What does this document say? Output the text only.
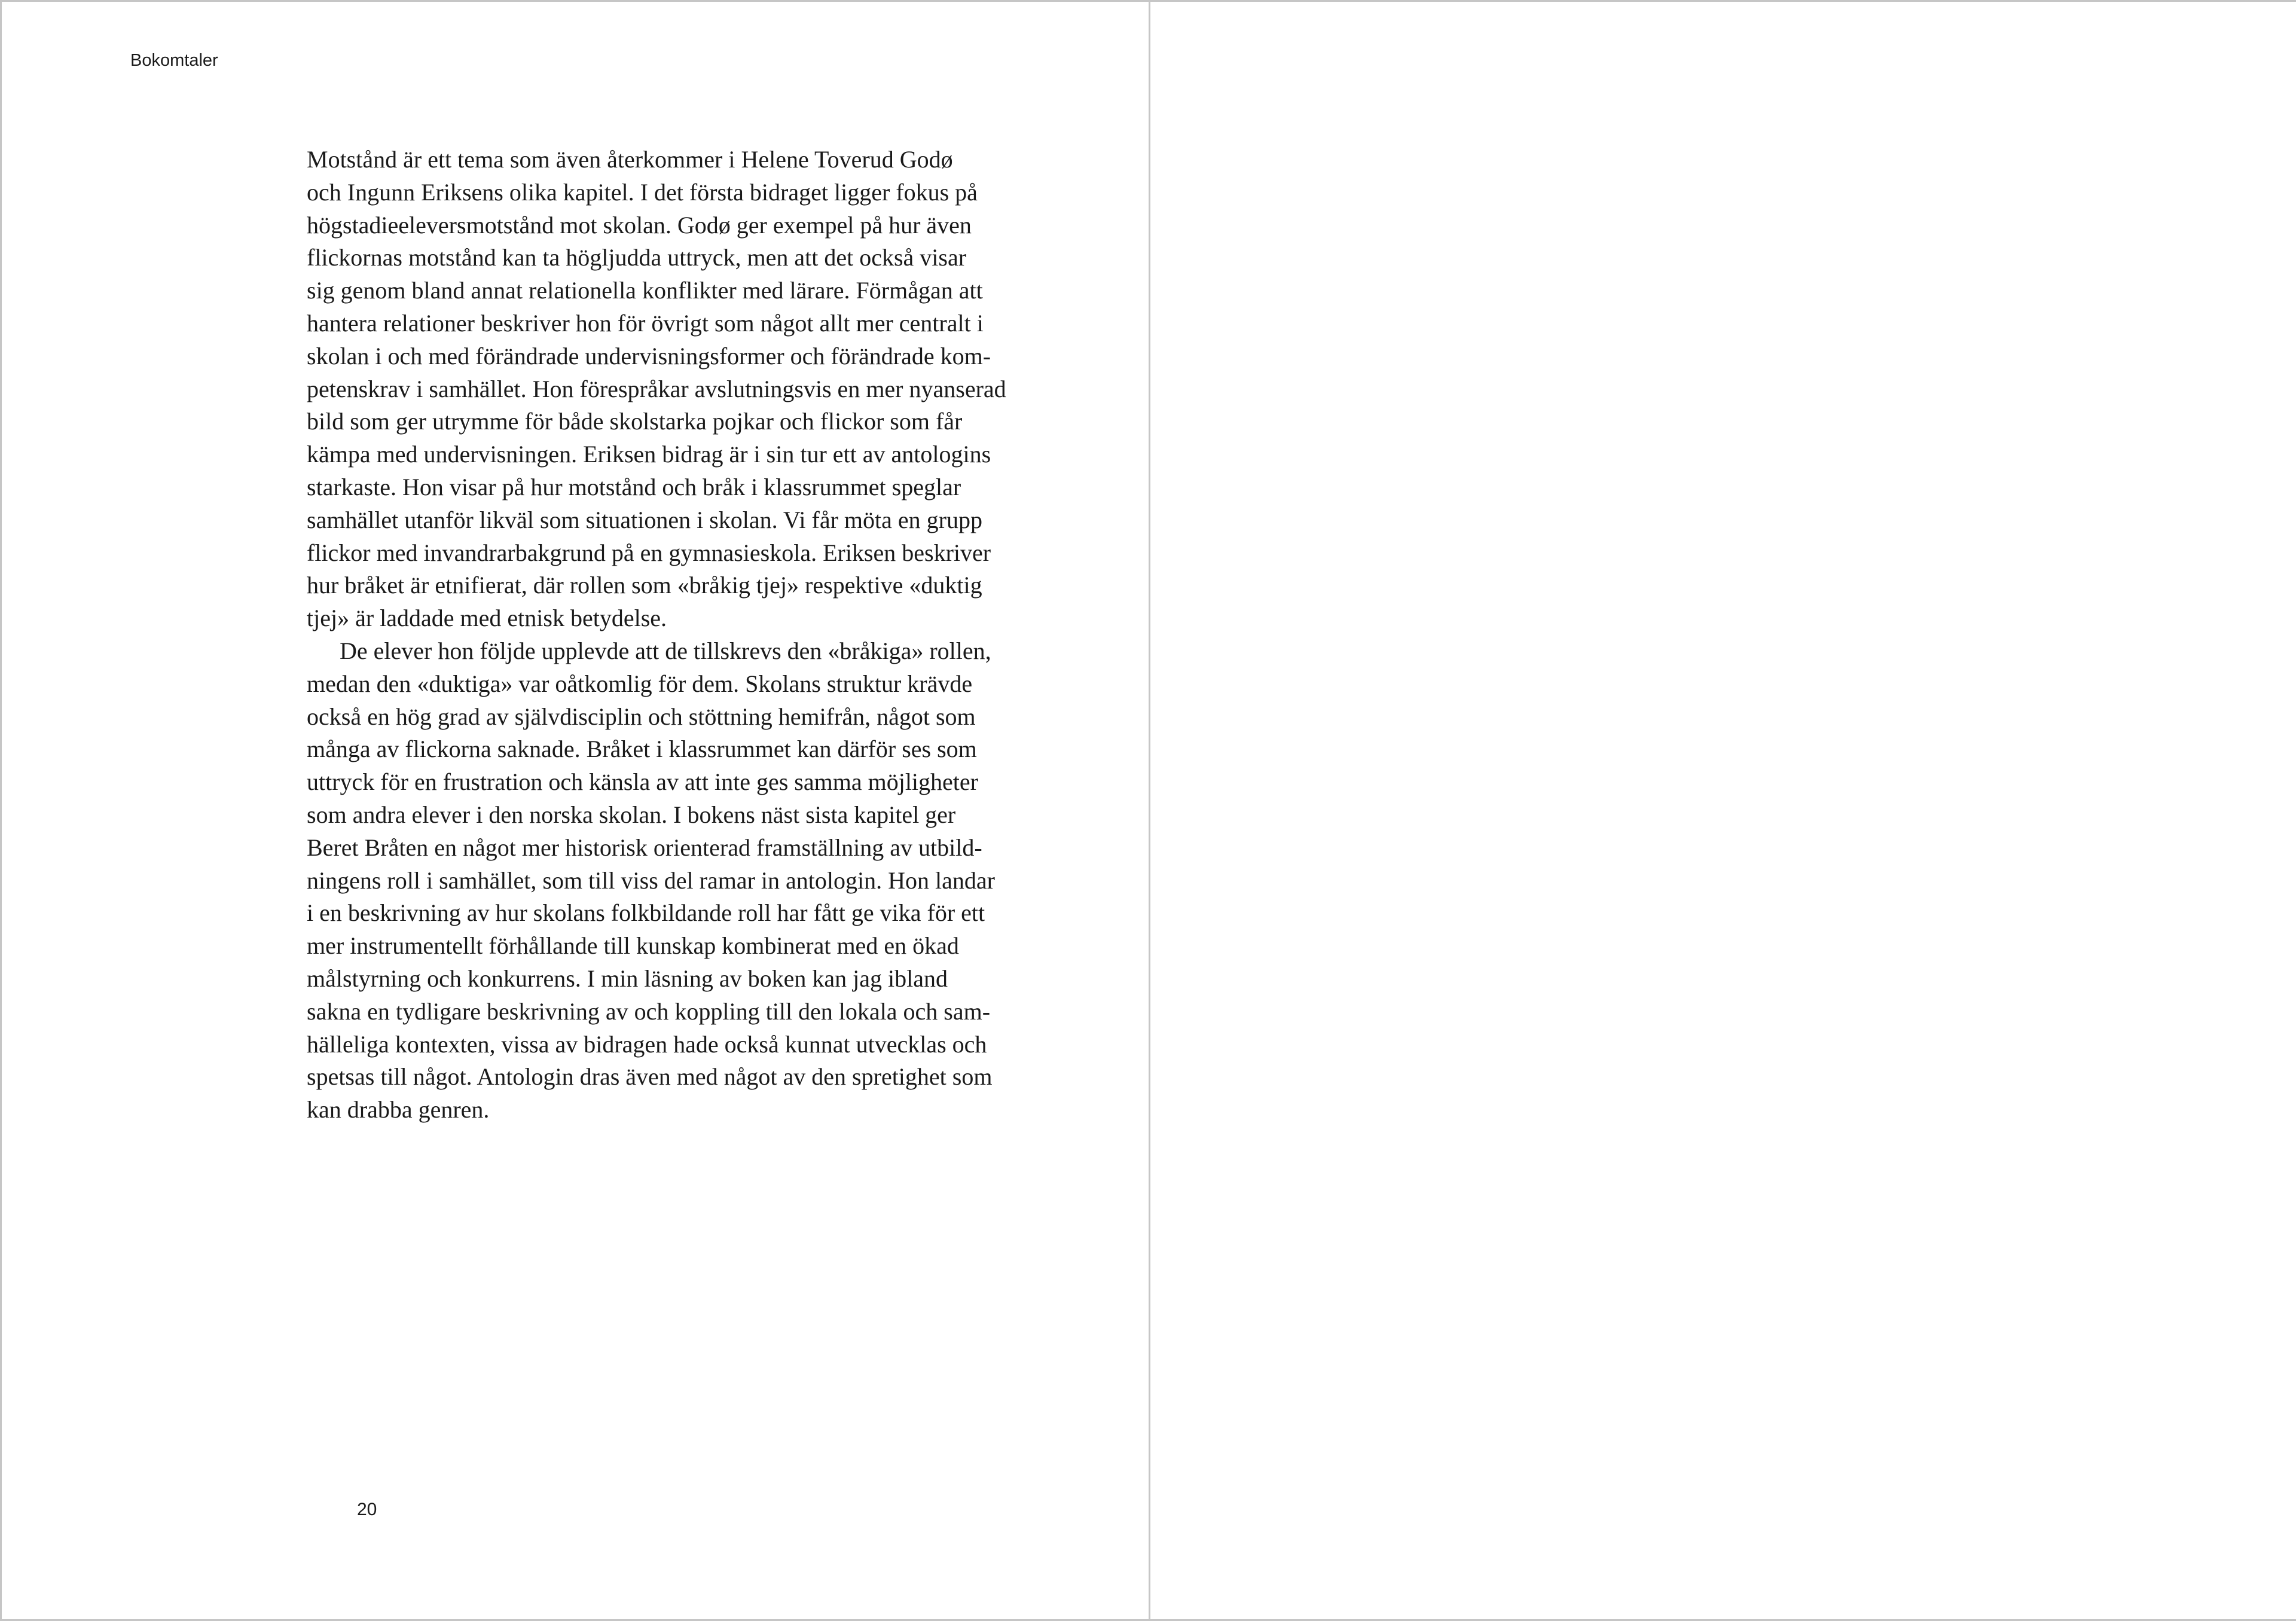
Bokomtaler
Motstånd är ett tema som även återkommer i Helene Toverud Godø
och Ingunn Eriksens olika kapitel. I det första bidraget ligger fokus på
högstadieeleversmotstånd mot skolan. Godø ger exempel på hur även
flickornas motstånd kan ta högljudda uttryck, men att det också visar
sig genom bland annat relationella konflikter med lärare. Förmågan att
hantera relationer beskriver hon för övrigt som något allt mer centralt i
skolan i och med förändrade undervisningsformer och förändrade kom-
petenskrav i samhället. Hon förespråkar avslutningsvis en mer nyanserad
bild som ger utrymme för både skolstarka pojkar och flickor som får
kämpa med undervisningen. Eriksen bidrag är i sin tur ett av antologins
starkaste. Hon visar på hur motstånd och bråk i klassrummet speglar
samhället utanför likväl som situationen i skolan. Vi får möta en grupp
flickor med invandrarbakgrund på en gymnasieskola. Eriksen beskriver
hur bråket är etnifierat, där rollen som «bråkig tjej» respektive «duktig
tjej» är laddade med etnisk betydelse.
De elever hon följde upplevde att de tillskrevs den «bråkiga» rollen,
medan den «duktiga» var oåtkomlig för dem. Skolans struktur krävde
också en hög grad av självdisciplin och stöttning hemifrån, något som
många av flickorna saknade. Bråket i klassrummet kan därför ses som
uttryck för en frustration och känsla av att inte ges samma möjligheter
som andra elever i den norska skolan. I bokens näst sista kapitel ger
Beret Bråten en något mer historisk orienterad framställning av utbild-
ningens roll i samhället, som till viss del ramar in antologin. Hon landar
i en beskrivning av hur skolans folkbildande roll har fått ge vika för ett
mer instrumentellt förhållande till kunskap kombinerat med en ökad
målstyrning och konkurrens. I min läsning av boken kan jag ibland
sakna en tydligare beskrivning av och koppling till den lokala och sam-
hälleliga kontexten, vissa av bidragen hade också kunnat utvecklas och
spetsas till något. Antologin dras även med något av den spretighet som
kan drabba genren.
20
